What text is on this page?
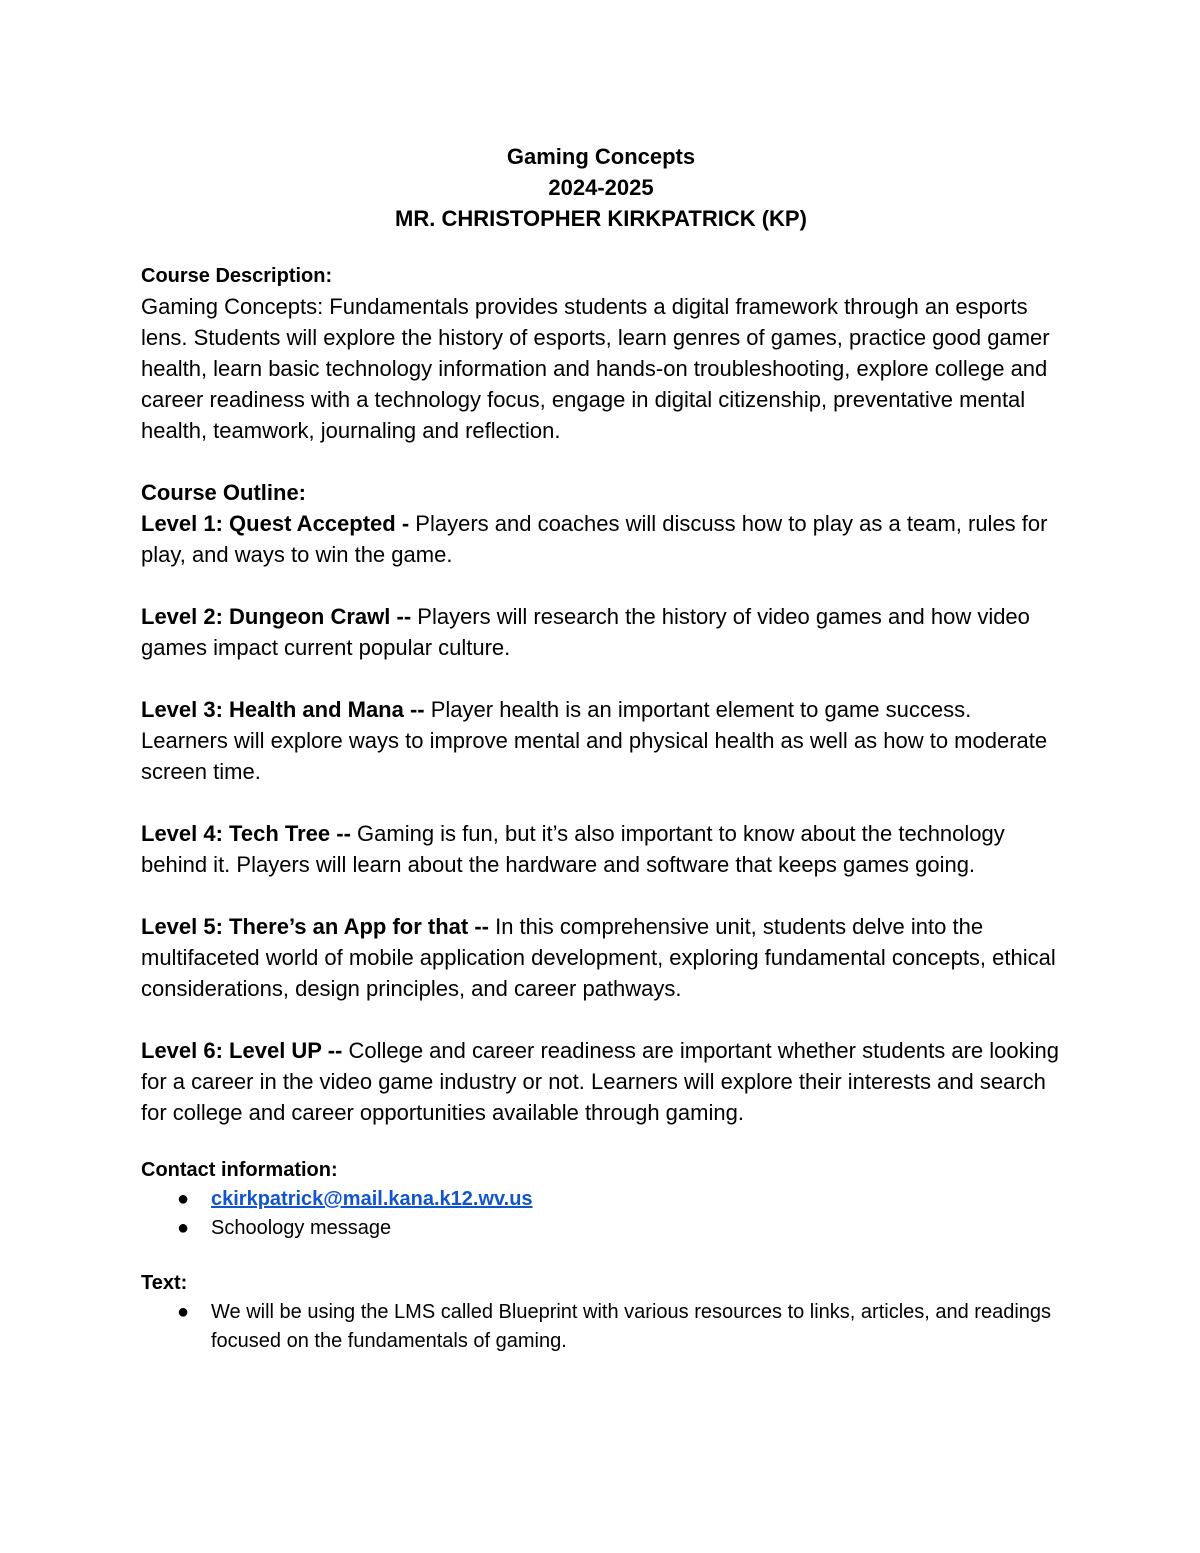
Gaming Concepts
2024-2025
MR. CHRISTOPHER KIRKPATRICK (KP)
Course Description:
Gaming Concepts: Fundamentals provides students a digital framework through an esports lens. Students will explore the history of esports, learn genres of games, practice good gamer health, learn basic technology information and hands-on troubleshooting, explore college and career readiness with a technology focus, engage in digital citizenship, preventative mental health, teamwork, journaling and reflection.
Course Outline:
Level 1: Quest Accepted - Players and coaches will discuss how to play as a team, rules for play, and ways to win the game.
Level 2: Dungeon Crawl -- Players will research the history of video games and how video games impact current popular culture.
Level 3: Health and Mana -- Player health is an important element to game success. Learners will explore ways to improve mental and physical health as well as how to moderate screen time.
Level 4: Tech Tree -- Gaming is fun, but it’s also important to know about the technology behind it. Players will learn about the hardware and software that keeps games going.
Level 5: There’s an App for that -- In this comprehensive unit, students delve into the multifaceted world of mobile application development, exploring fundamental concepts, ethical considerations, design principles, and career pathways.
Level 6: Level UP -- College and career readiness are important whether students are looking for a career in the video game industry or not. Learners will explore their interests and search for college and career opportunities available through gaming.
Contact information:
● ckirkpatrick@mail.kana.k12.wv.us
● Schoology message
Text:
● We will be using the LMS called Blueprint with various resources to links, articles, and readings focused on the fundamentals of gaming.
